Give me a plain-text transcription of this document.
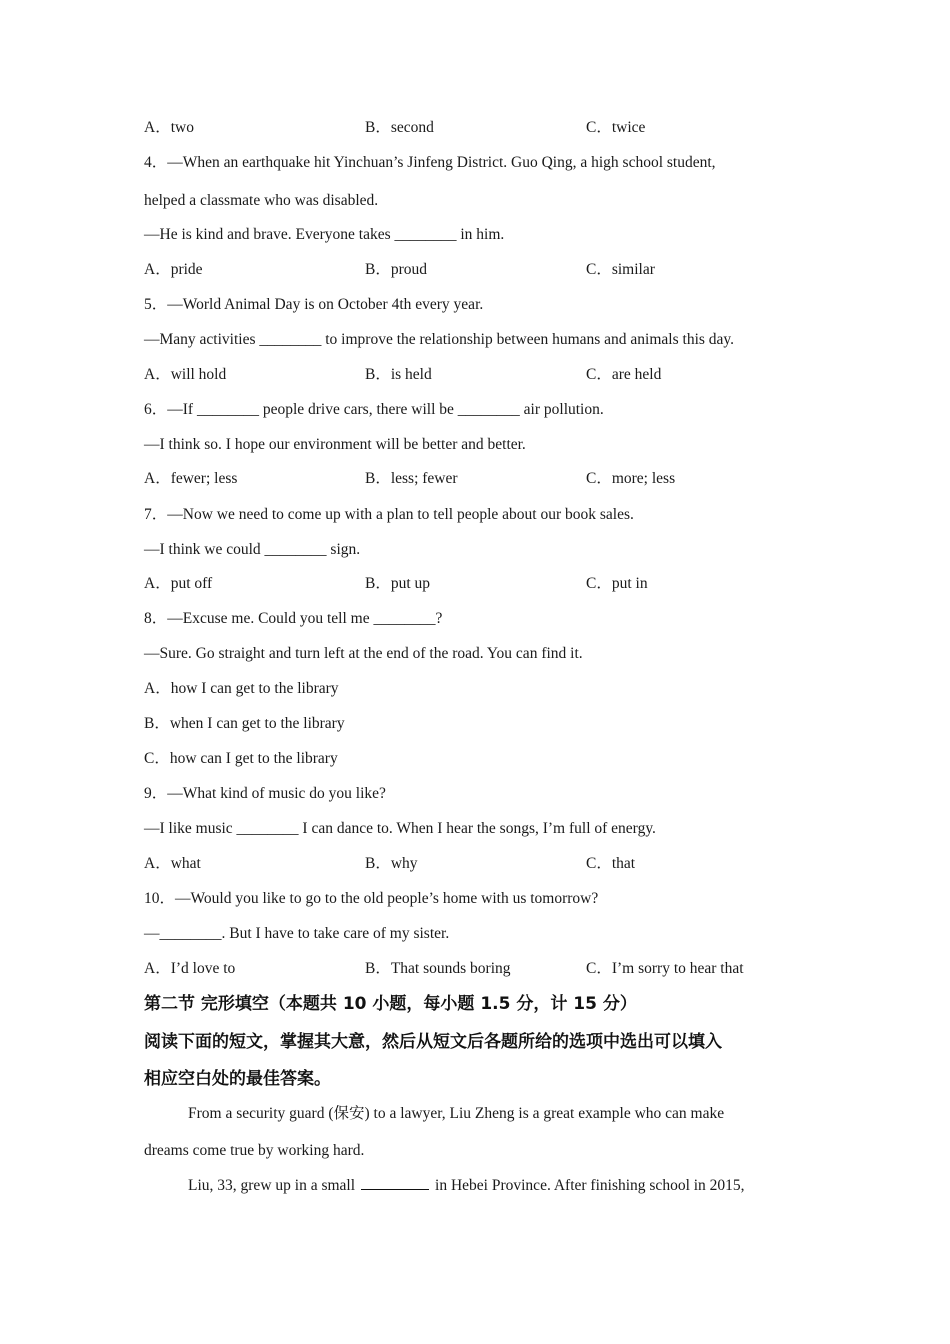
A．two	B．second	C．twice
4．—When an earthquake hit Yinchuan’s Jinfeng District. Guo Qing, a high school student,
helped a classmate who was disabled.
—He is kind and brave. Everyone takes ________ in him.
A．pride	B．proud	C．similar
5．—World Animal Day is on October 4th every year.
—Many activities ________ to improve the relationship between humans and animals this day.
A．will hold	B．is held	C．are held
6．—If ________ people drive cars, there will be ________ air pollution.
—I think so. I hope our environment will be better and better.
A．fewer; less	B．less; fewer	C．more; less
7．—Now we need to come up with a plan to tell people about our book sales.
—I think we could ________ sign.
A．put off	B．put up	C．put in
8．—Excuse me. Could you tell me ________?
—Sure. Go straight and turn left at the end of the road. You can find it.
A．how I can get to the library
B．when I can get to the library
C．how can I get to the library
9．—What kind of music do you like?
—I like music ________ I can dance to. When I hear the songs, I’m full of energy.
A．what	B．why	C．that
10．—Would you like to go to the old people’s home with us tomorrow?
—________. But I have to take care of my sister.
A．I’d love to	B．That sounds boring	C．I’m sorry to hear that
第二节 完形填空（本题共 10 小题，每小题 1.5 分，计 15 分）
阅读下面的短文，掌握其大意，然后从短文后各题所给的选项中选出可以填入
相应空白处的最佳答案。
From a security guard (保安) to a lawyer, Liu Zheng is a great example who can make
dreams come true by working hard.
Liu, 33, grew up in a small	in Hebei Province. After finishing school in 2015,
